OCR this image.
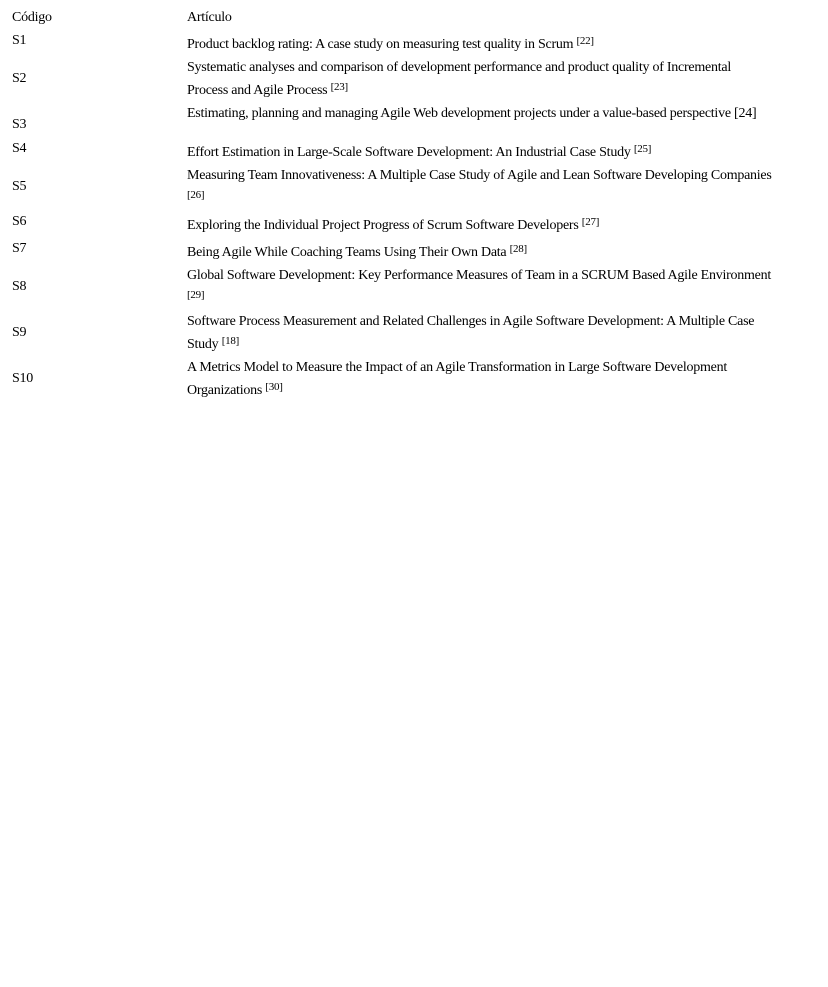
Código	Artículo

S1	Product backlog rating: A case study on measuring test quality in Scrum [22]

S2	Systematic analyses and comparison of development performance and product quality of Incremental Process and Agile Process [23]

S3	Estimating, planning and managing Agile Web development projects under a value-based perspective [24]

S4	Effort Estimation in Large-Scale Software Development: An Industrial Case Study [25]

S5	Measuring Team Innovativeness: A Multiple Case Study of Agile and Lean Software Developing Companies [26]

S6	Exploring the Individual Project Progress of Scrum Software Developers [27]

S7	Being Agile While Coaching Teams Using Their Own Data [28]

S8	Global Software Development: Key Performance Measures of Team in a SCRUM Based Agile Environment [29]

S9	Software Process Measurement and Related Challenges in Agile Software Development: A Multiple Case Study [18]

S10	A Metrics Model to Measure the Impact of an Agile Transformation in Large Software Development Organizations [30]
